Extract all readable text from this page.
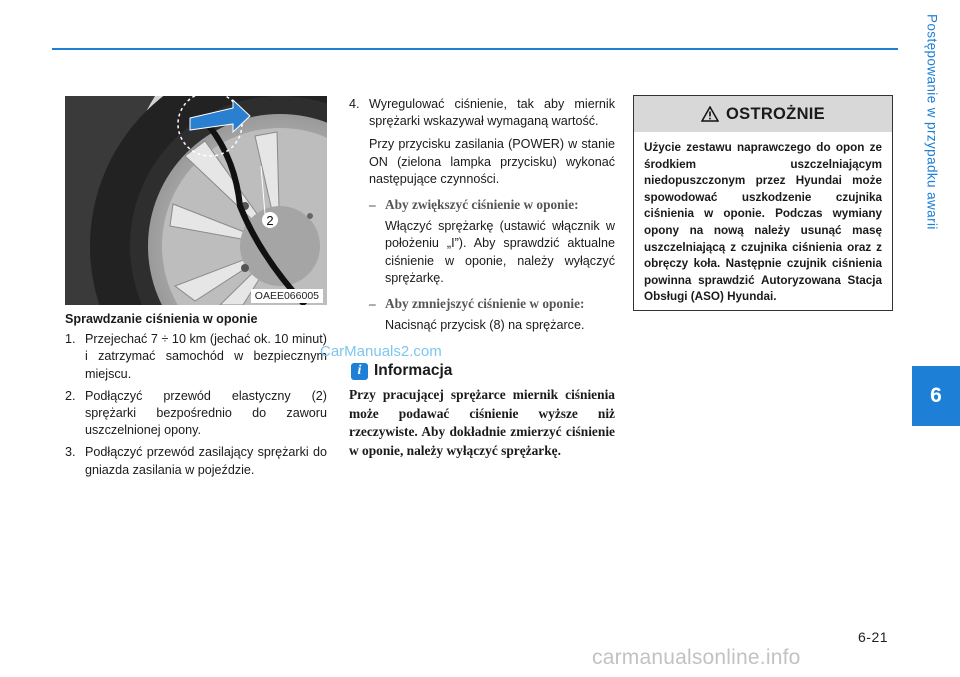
Postępowanie w przypadku awarii
6
6-21
2
OAEE066005
Sprawdzanie ciśnienia w oponie
1. Przejechać 7 ÷ 10 km (jechać ok. 10 minut) i zatrzymać samochód w bezpiecznym miejscu.
2. Podłączyć przewód elastyczny (2) sprężarki bezpośrednio do zaworu uszczelnionej opony.
3. Podłączyć przewód zasilający sprężarki do gniazda zasilania w pojeździe.

4. Wyregulować ciśnienie, tak aby miernik sprężarki wskazywał wymaganą wartość.

Przy przycisku zasilania (POWER) w stanie ON (zielona lampka przycisku) wykonać następujące czynności.

– Aby zwiększyć ciśnienie w oponie:
Włączyć sprężarkę (ustawić włącznik w położeniu „I”). Aby sprawdzić aktualne ciśnienie w oponie, należy wyłączyć sprężarkę.
– Aby zmniejszyć ciśnienie w oponie:
Nacisnąć przycisk (8) na sprężarce.
CarManuals2.com
i Informacja
Przy pracującej sprężarce miernik ciśnienia może podawać ciśnienie wyższe niż rzeczywiste. Aby dokładnie zmierzyć ciśnienie w oponie, należy wyłączyć sprężarkę.
OSTROŻNIE
Użycie zestawu naprawczego do opon ze środkiem uszczelniającym niedopuszczonym przez Hyundai może spowodować uszkodzenie czujnika ciśnienia w oponie. Podczas wymiany opony na nową należy usunąć masę uszczelniającą z czujnika ciśnienia oraz z obręczy koła. Następnie czujnik ciśnienia powinna sprawdzić Autoryzowana Stacja Obsługi (ASO) Hyundai.
carmanualsonline.info
